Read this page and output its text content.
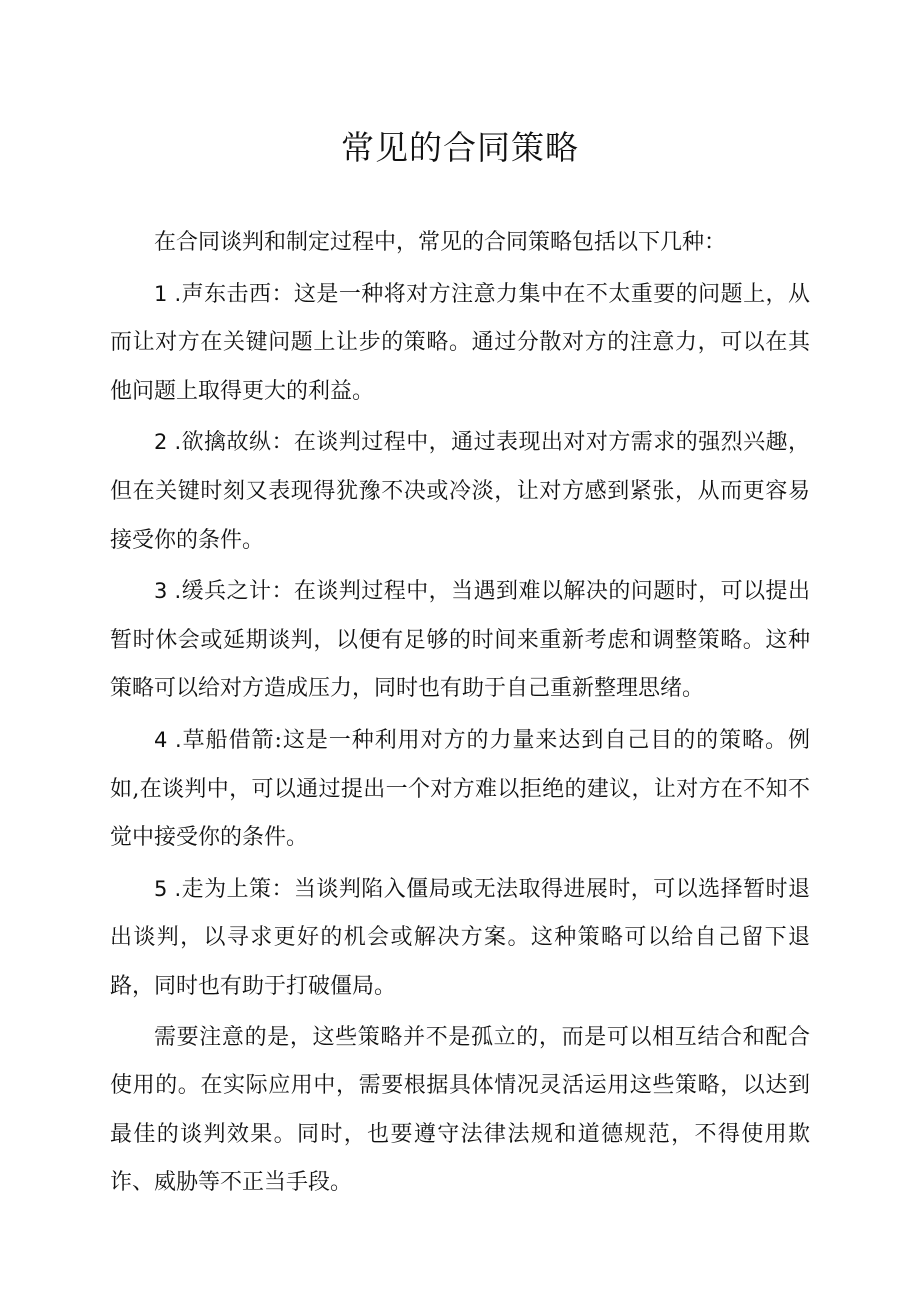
常见的合同策略

在合同谈判和制定过程中，常见的合同策略包括以下几种：

1 .声东击西：这是一种将对方注意力集中在不太重要的问题上，从而让对方在关键问题上让步的策略。通过分散对方的注意力，可以在其他问题上取得更大的利益。

2 .欲擒故纵：在谈判过程中，通过表现出对对方需求的强烈兴趣，但在关键时刻又表现得犹豫不决或冷淡，让对方感到紧张，从而更容易接受你的条件。

3 .缓兵之计：在谈判过程中，当遇到难以解决的问题时，可以提出暂时休会或延期谈判，以便有足够的时间来重新考虑和调整策略。这种策略可以给对方造成压力，同时也有助于自己重新整理思绪。

4 .草船借箭:这是一种利用对方的力量来达到自己目的的策略。例如,在谈判中，可以通过提出一个对方难以拒绝的建议，让对方在不知不觉中接受你的条件。

5 .走为上策：当谈判陷入僵局或无法取得进展时，可以选择暂时退出谈判，以寻求更好的机会或解决方案。这种策略可以给自己留下退路，同时也有助于打破僵局。

需要注意的是，这些策略并不是孤立的，而是可以相互结合和配合使用的。在实际应用中，需要根据具体情况灵活运用这些策略，以达到最佳的谈判效果。同时，也要遵守法律法规和道德规范，不得使用欺诈、威胁等不正当手段。
